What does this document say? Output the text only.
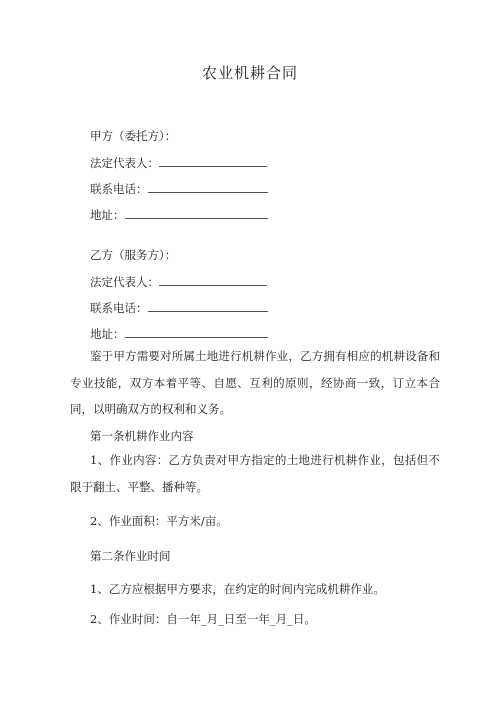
农业机耕合同
甲方（委托方）：
法定代表人：
联系电话：
地址：
乙方（服务方）：
法定代表人：
联系电话：
地址：
鉴于甲方需要对所属土地进行机耕作业，乙方拥有相应的机耕设备和专业技能，双方本着平等、自愿、互利的原则，经协商一致，订立本合同，以明确双方的权利和义务。
第一条机耕作业内容
1、作业内容：乙方负责对甲方指定的土地进行机耕作业，包括但不限于翻土、平整、播种等。
2、作业面积：平方米/亩。
第二条作业时间
1、乙方应根据甲方要求，在约定的时间内完成机耕作业。
2、作业时间：自一年_月_日至一年_月_日。
